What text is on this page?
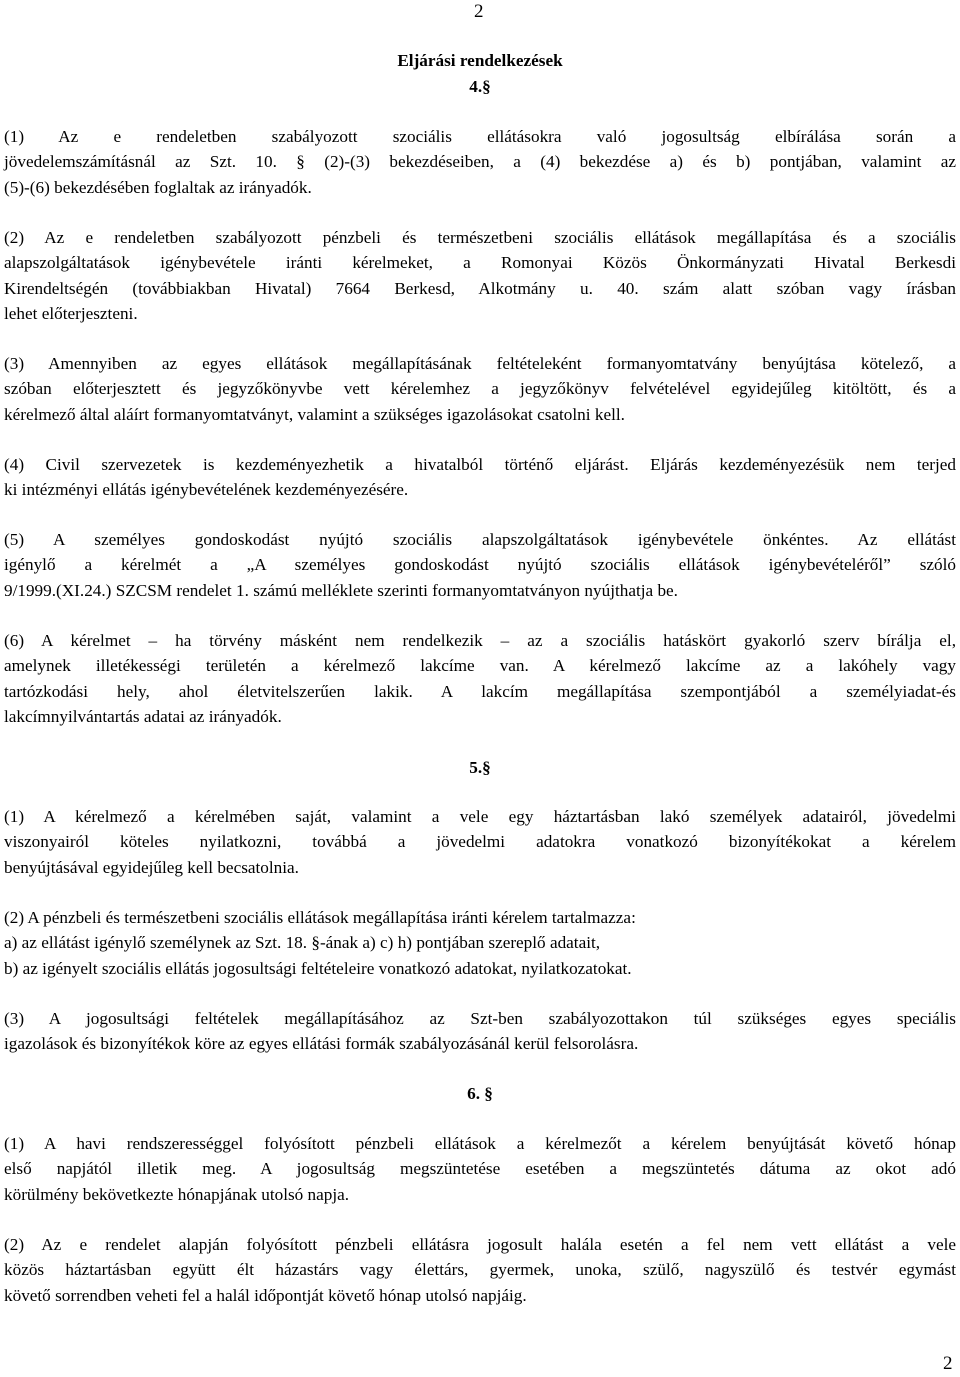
2
Eljárási rendelkezések
4.§
(1) Az e rendeletben szabályozott szociális ellátásokra való jogosultság elbírálása során a
jövedelemszámításnál az Szt. 10. § (2)-(3) bekezdéseiben, a (4) bekezdése a) és b) pontjában, valamint az
(5)-(6) bekezdésében foglaltak az irányadók.
(2) Az e rendeletben szabályozott pénzbeli és természetbeni szociális ellátások megállapítása és a szociális
alapszolgáltatások igénybevétele iránti kérelmeket, a Romonyai Közös Önkormányzati Hivatal Berkesdi
Kirendeltségén (továbbiakban Hivatal) 7664 Berkesd, Alkotmány u. 40. szám alatt szóban vagy írásban
lehet előterjeszteni.
(3) Amennyiben az egyes ellátások megállapításának feltételeként formanyomtatvány benyújtása kötelező, a
szóban előterjesztett és jegyzőkönyvbe vett kérelemhez a jegyzőkönyv felvételével egyidejűleg kitöltött, és a
kérelmező által aláírt formanyomtatványt, valamint a szükséges igazolásokat csatolni kell.
(4) Civil szervezetek is kezdeményezhetik a hivatalból történő eljárást. Eljárás kezdeményezésük nem terjed
ki intézményi ellátás igénybevételének kezdeményezésére.
(5) A személyes gondoskodást nyújtó szociális alapszolgáltatások igénybevétele önkéntes. Az ellátást
igénylő a kérelmét a „A személyes gondoskodást nyújtó szociális ellátások igénybevételéről” szóló
9/1999.(XI.24.) SZCSM rendelet 1. számú melléklete szerinti formanyomtatványon nyújthatja be.
(6) A kérelmet – ha törvény másként nem rendelkezik – az a szociális hatáskört gyakorló szerv bírálja el,
amelynek illetékességi területén a kérelmező lakcíme van. A kérelmező lakcíme az a lakóhely vagy
tartózkodási hely, ahol életvitelszerűen lakik. A lakcím megállapítása szempontjából a személyiadat-és
lakcímnyilvántartás adatai az irányadók.
5.§
(1) A kérelmező a kérelmében saját, valamint a vele egy háztartásban lakó személyek adatairól, jövedelmi
viszonyairól köteles nyilatkozni, továbbá a jövedelmi adatokra vonatkozó bizonyítékokat a kérelem
benyújtásával egyidejűleg kell becsatolnia.
(2) A pénzbeli és természetbeni szociális ellátások megállapítása iránti kérelem tartalmazza:
a) az ellátást igénylő személynek az Szt. 18. §-ának a) c) h) pontjában szereplő adatait,
b) az igényelt szociális ellátás jogosultsági feltételeire vonatkozó adatokat, nyilatkozatokat.
(3) A jogosultsági feltételek megállapításához az Szt-ben szabályozottakon túl szükséges egyes speciális
igazolások és bizonyítékok köre az egyes ellátási formák szabályozásánál kerül felsorolásra.
6. §
(1) A havi rendszerességgel folyósított pénzbeli ellátások a kérelmezőt a kérelem benyújtását követő hónap
első napjától illetik meg. A jogosultság megszüntetése esetében a megszüntetés dátuma az okot adó
körülmény bekövetkezte hónapjának utolsó napja.
(2) Az e rendelet alapján folyósított pénzbeli ellátásra jogosult halála esetén a fel nem vett ellátást a vele
közös háztartásban együtt élt házastárs vagy élettárs, gyermek, unoka, szülő, nagyszülő és testvér egymást
követő sorrendben veheti fel a halál időpontját követő hónap utolsó napjáig.
2
